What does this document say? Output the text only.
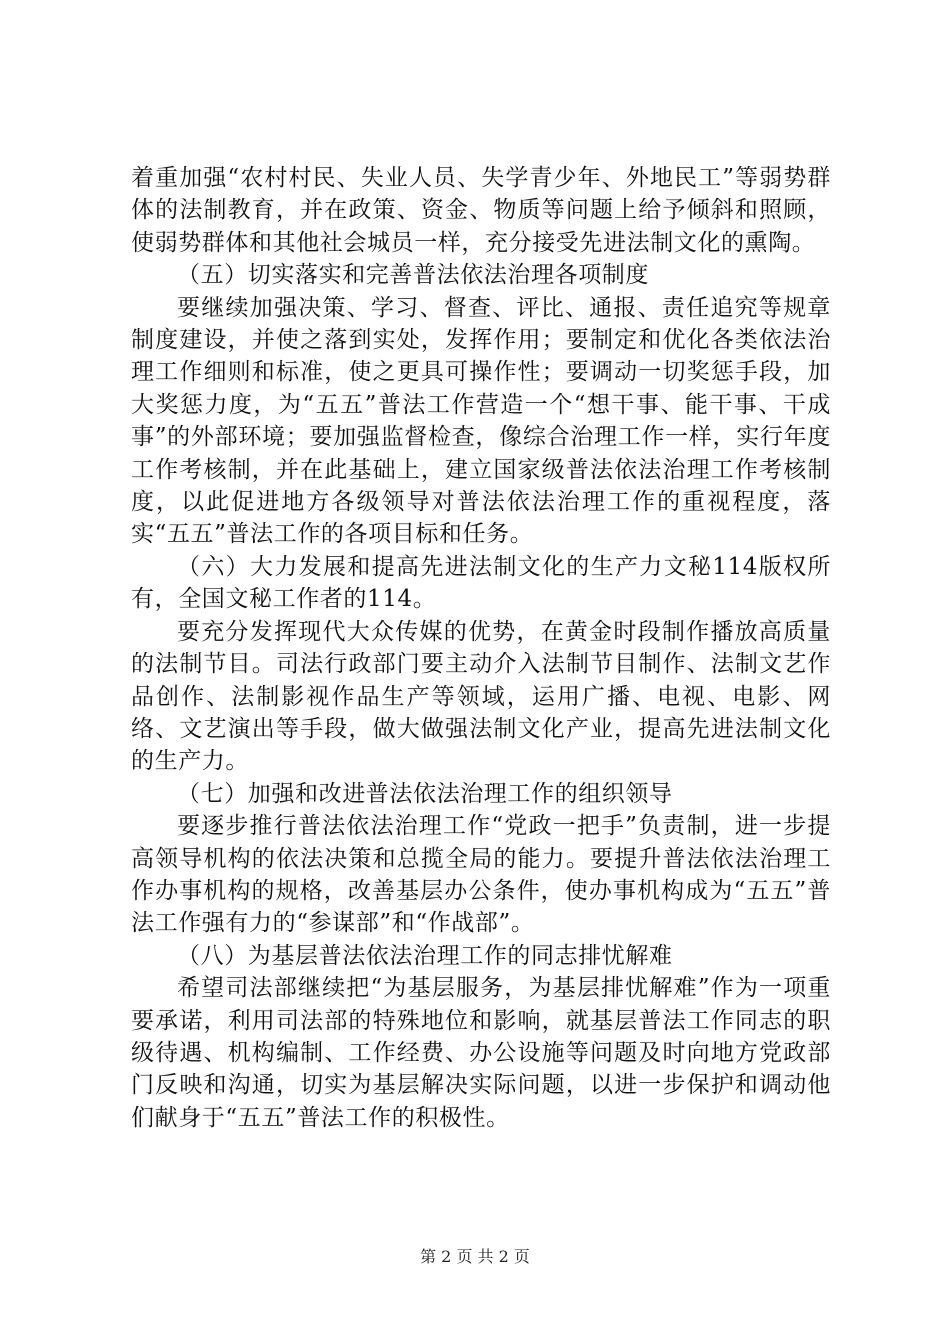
着重加强“农村村民、失业人员、失学青少年、外地民工”等弱势群体的法制教育，并在政策、资金、物质等问题上给予倾斜和照顾，使弱势群体和其他社会城员一样，充分接受先进法制文化的熏陶。

（五）切实落实和完善普法依法治理各项制度

要继续加强决策、学习、督查、评比、通报、责任追究等规章制度建设，并使之落到实处，发挥作用；要制定和优化各类依法治理工作细则和标准，使之更具可操作性；要调动一切奖惩手段，加大奖惩力度，为“五五”普法工作营造一个“想干事、能干事、干成事”的外部环境；要加强监督检查，像综合治理工作一样，实行年度工作考核制，并在此基础上，建立国家级普法依法治理工作考核制度，以此促进地方各级领导对普法依法治理工作的重视程度，落实“五五”普法工作的各项目标和任务。

（六）大力发展和提高先进法制文化的生产力文秘114版权所有，全国文秘工作者的114。

要充分发挥现代大众传媒的优势，在黄金时段制作播放高质量的法制节目。司法行政部门要主动介入法制节目制作、法制文艺作品创作、法制影视作品生产等领域，运用广播、电视、电影、网络、文艺演出等手段，做大做强法制文化产业，提高先进法制文化的生产力。

（七）加强和改进普法依法治理工作的组织领导

要逐步推行普法依法治理工作“党政一把手”负责制，进一步提高领导机构的依法决策和总揽全局的能力。要提升普法依法治理工作办事机构的规格，改善基层办公条件，使办事机构成为“五五”普法工作强有力的“参谋部”和“作战部”。

（八）为基层普法依法治理工作的同志排忧解难

希望司法部继续把“为基层服务，为基层排忧解难”作为一项重要承诺，利用司法部的特殊地位和影响，就基层普法工作同志的职级待遇、机构编制、工作经费、办公设施等问题及时向地方党政部门反映和沟通，切实为基层解决实际问题，以进一步保护和调动他们献身于“五五”普法工作的积极性。

第 2 页 共 2 页
